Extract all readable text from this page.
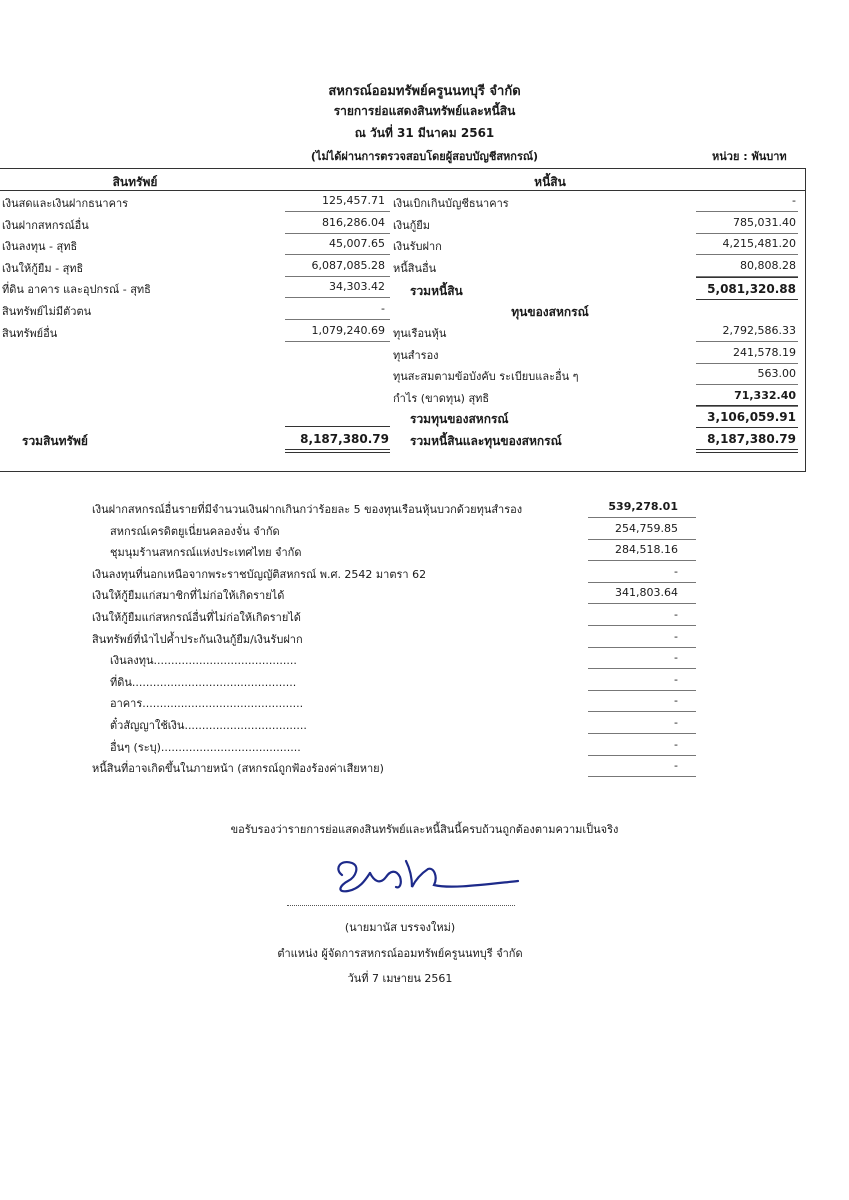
สหกรณ์ออมทรัพย์ครูนนทบุรี จำกัด
รายการย่อแสดงสินทรัพย์และหนี้สิน
ณ วันที่ 31 มีนาคม 2561
(ไม่ได้ผ่านการตรวจสอบโดยผู้สอบบัญชีสหกรณ์)	หน่วย : พันบาท
สินทรัพย์	หนี้สิน
เงินสดและเงินฝากธนาคาร	125,457.71
เงินฝากสหกรณ์อื่น	816,286.04
เงินลงทุน - สุทธิ	45,007.65
เงินให้กู้ยืม - สุทธิ	6,087,085.28
ที่ดิน อาคาร และอุปกรณ์ - สุทธิ	34,303.42
สินทรัพย์ไม่มีตัวตน	-
สินทรัพย์อื่น	1,079,240.69
เงินเบิกเกินบัญชีธนาคาร	-
เงินกู้ยืม	785,031.40
เงินรับฝาก	4,215,481.20
หนี้สินอื่น	80,808.28
ทุนเรือนหุ้น	2,792,586.33
ทุนสำรอง	241,578.19
ทุนสะสมตามข้อบังคับ ระเบียบและอื่น ๆ	563.00
กำไร (ขาดทุน) สุทธิ	71,332.40
รวมสินทรัพย์	8,187,380.79
รวมหนี้สิน	5,081,320.88
ทุนของสหกรณ์
รวมทุนของสหกรณ์	3,106,059.91
รวมหนี้สินและทุนของสหกรณ์	8,187,380.79
เงินฝากสหกรณ์อื่นรายที่มีจำนวนเงินฝากเกินกว่าร้อยละ 5 ของทุนเรือนหุ้นบวกด้วยทุนสำรอง	539,278.01
สหกรณ์เครดิตยูเนี่ยนคลองจั่น จำกัด	254,759.85
ชุมนุมร้านสหกรณ์แห่งประเทศไทย จำกัด	284,518.16
เงินลงทุนที่นอกเหนือจากพระราชบัญญัติสหกรณ์ พ.ศ. 2542 มาตรา 62	-
เงินให้กู้ยืมแก่สมาชิกที่ไม่ก่อให้เกิดรายได้	341,803.64
เงินให้กู้ยืมแก่สหกรณ์อื่นที่ไม่ก่อให้เกิดรายได้	-
สินทรัพย์ที่นำไปค้ำประกันเงินกู้ยืม/เงินรับฝาก	-
เงินลงทุน.........................................	-
ที่ดิน...............................................	-
อาคาร..............................................	-
ตั๋วสัญญาใช้เงิน...................................	-
อื่นๆ (ระบุ)........................................	-
หนี้สินที่อาจเกิดขึ้นในภายหน้า (สหกรณ์ถูกฟ้องร้องค่าเสียหาย)	-
ขอรับรองว่ารายการย่อแสดงสินทรัพย์และหนี้สินนี้ครบถ้วนถูกต้องตามความเป็นจริง
(นายมานัส บรรจงใหม่)
ตำแหน่ง ผู้จัดการสหกรณ์ออมทรัพย์ครูนนทบุรี จำกัด
วันที่ 7 เมษายน 2561
